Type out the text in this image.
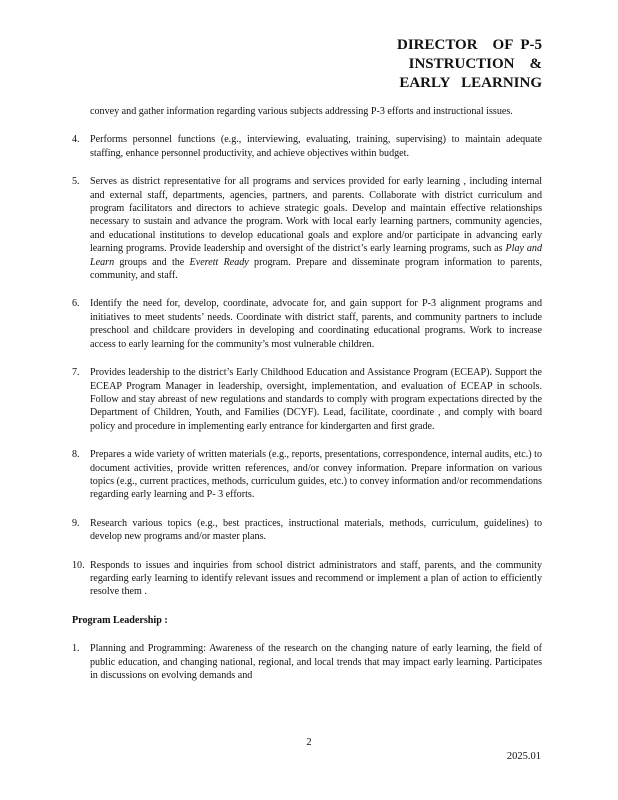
DIRECTOR    OF  P-5
INSTRUCTION    &
EARLY   LEARNING

convey and gather information regarding various subjects addressing P-3 efforts and instructional issues.

4. Performs personnel functions (e.g., interviewing, evaluating, training, supervising) to maintain adequate staffing, enhance personnel productivity, and achieve objectives within budget.
5. Serves as district representative for all programs and services provided for early learning , including internal and external staff, departments, agencies, partners, and parents. Collaborate with district curriculum and program facilitators and directors to achieve strategic goals. Develop and maintain effective relationships necessary to sustain and advance the program. Work with local early learning partners, community agencies, and educational institutions to develop educational goals and explore and/or participate in advancing early learning programs. Provide leadership and oversight of the district’s early learning programs, such as Play and Learn groups and the Everett Ready program. Prepare and disseminate program information to parents, community, and staff.
6. Identify the need for, develop, coordinate, advocate for, and gain support for P-3 alignment programs and initiatives to meet students’ needs. Coordinate with district staff, parents, and community partners to include preschool and childcare providers in developing and coordinating educational programs. Work to increase access to early learning for the community’s most vulnerable children.
7. Provides leadership to the district’s Early Childhood Education and Assistance Program (ECEAP). Support the ECEAP Program Manager in leadership, oversight, implementation, and evaluation of ECEAP in schools. Follow and stay abreast of new regulations and standards to comply with program expectations directed by the Department of Children, Youth, and Families (DCYF). Lead, facilitate, coordinate , and comply with board policy and procedure in implementing early entrance for kindergarten and first grade.
8. Prepares a wide variety of written materials (e.g., reports, presentations, correspondence, internal audits, etc.) to document activities, provide written references, and/or convey information. Prepare information on various topics (e.g., current practices, methods, curriculum guides, etc.) to convey information and/or recommendations regarding early learning and P- 3 efforts.
9. Research various topics (e.g., best practices, instructional materials, methods, curriculum, guidelines) to develop new programs and/or master plans.
10. Responds to issues and inquiries from school district administrators and staff, parents, and the community regarding early learning to identify relevant issues and recommend or implement a plan of action to efficiently resolve them .

Program Leadership :

1. Planning and Programming: Awareness of the research on the changing nature of early learning, the field of public education, and changing national, regional, and local trends that may impact early learning. Participates in discussions on evolving demands and
2
2025.01
